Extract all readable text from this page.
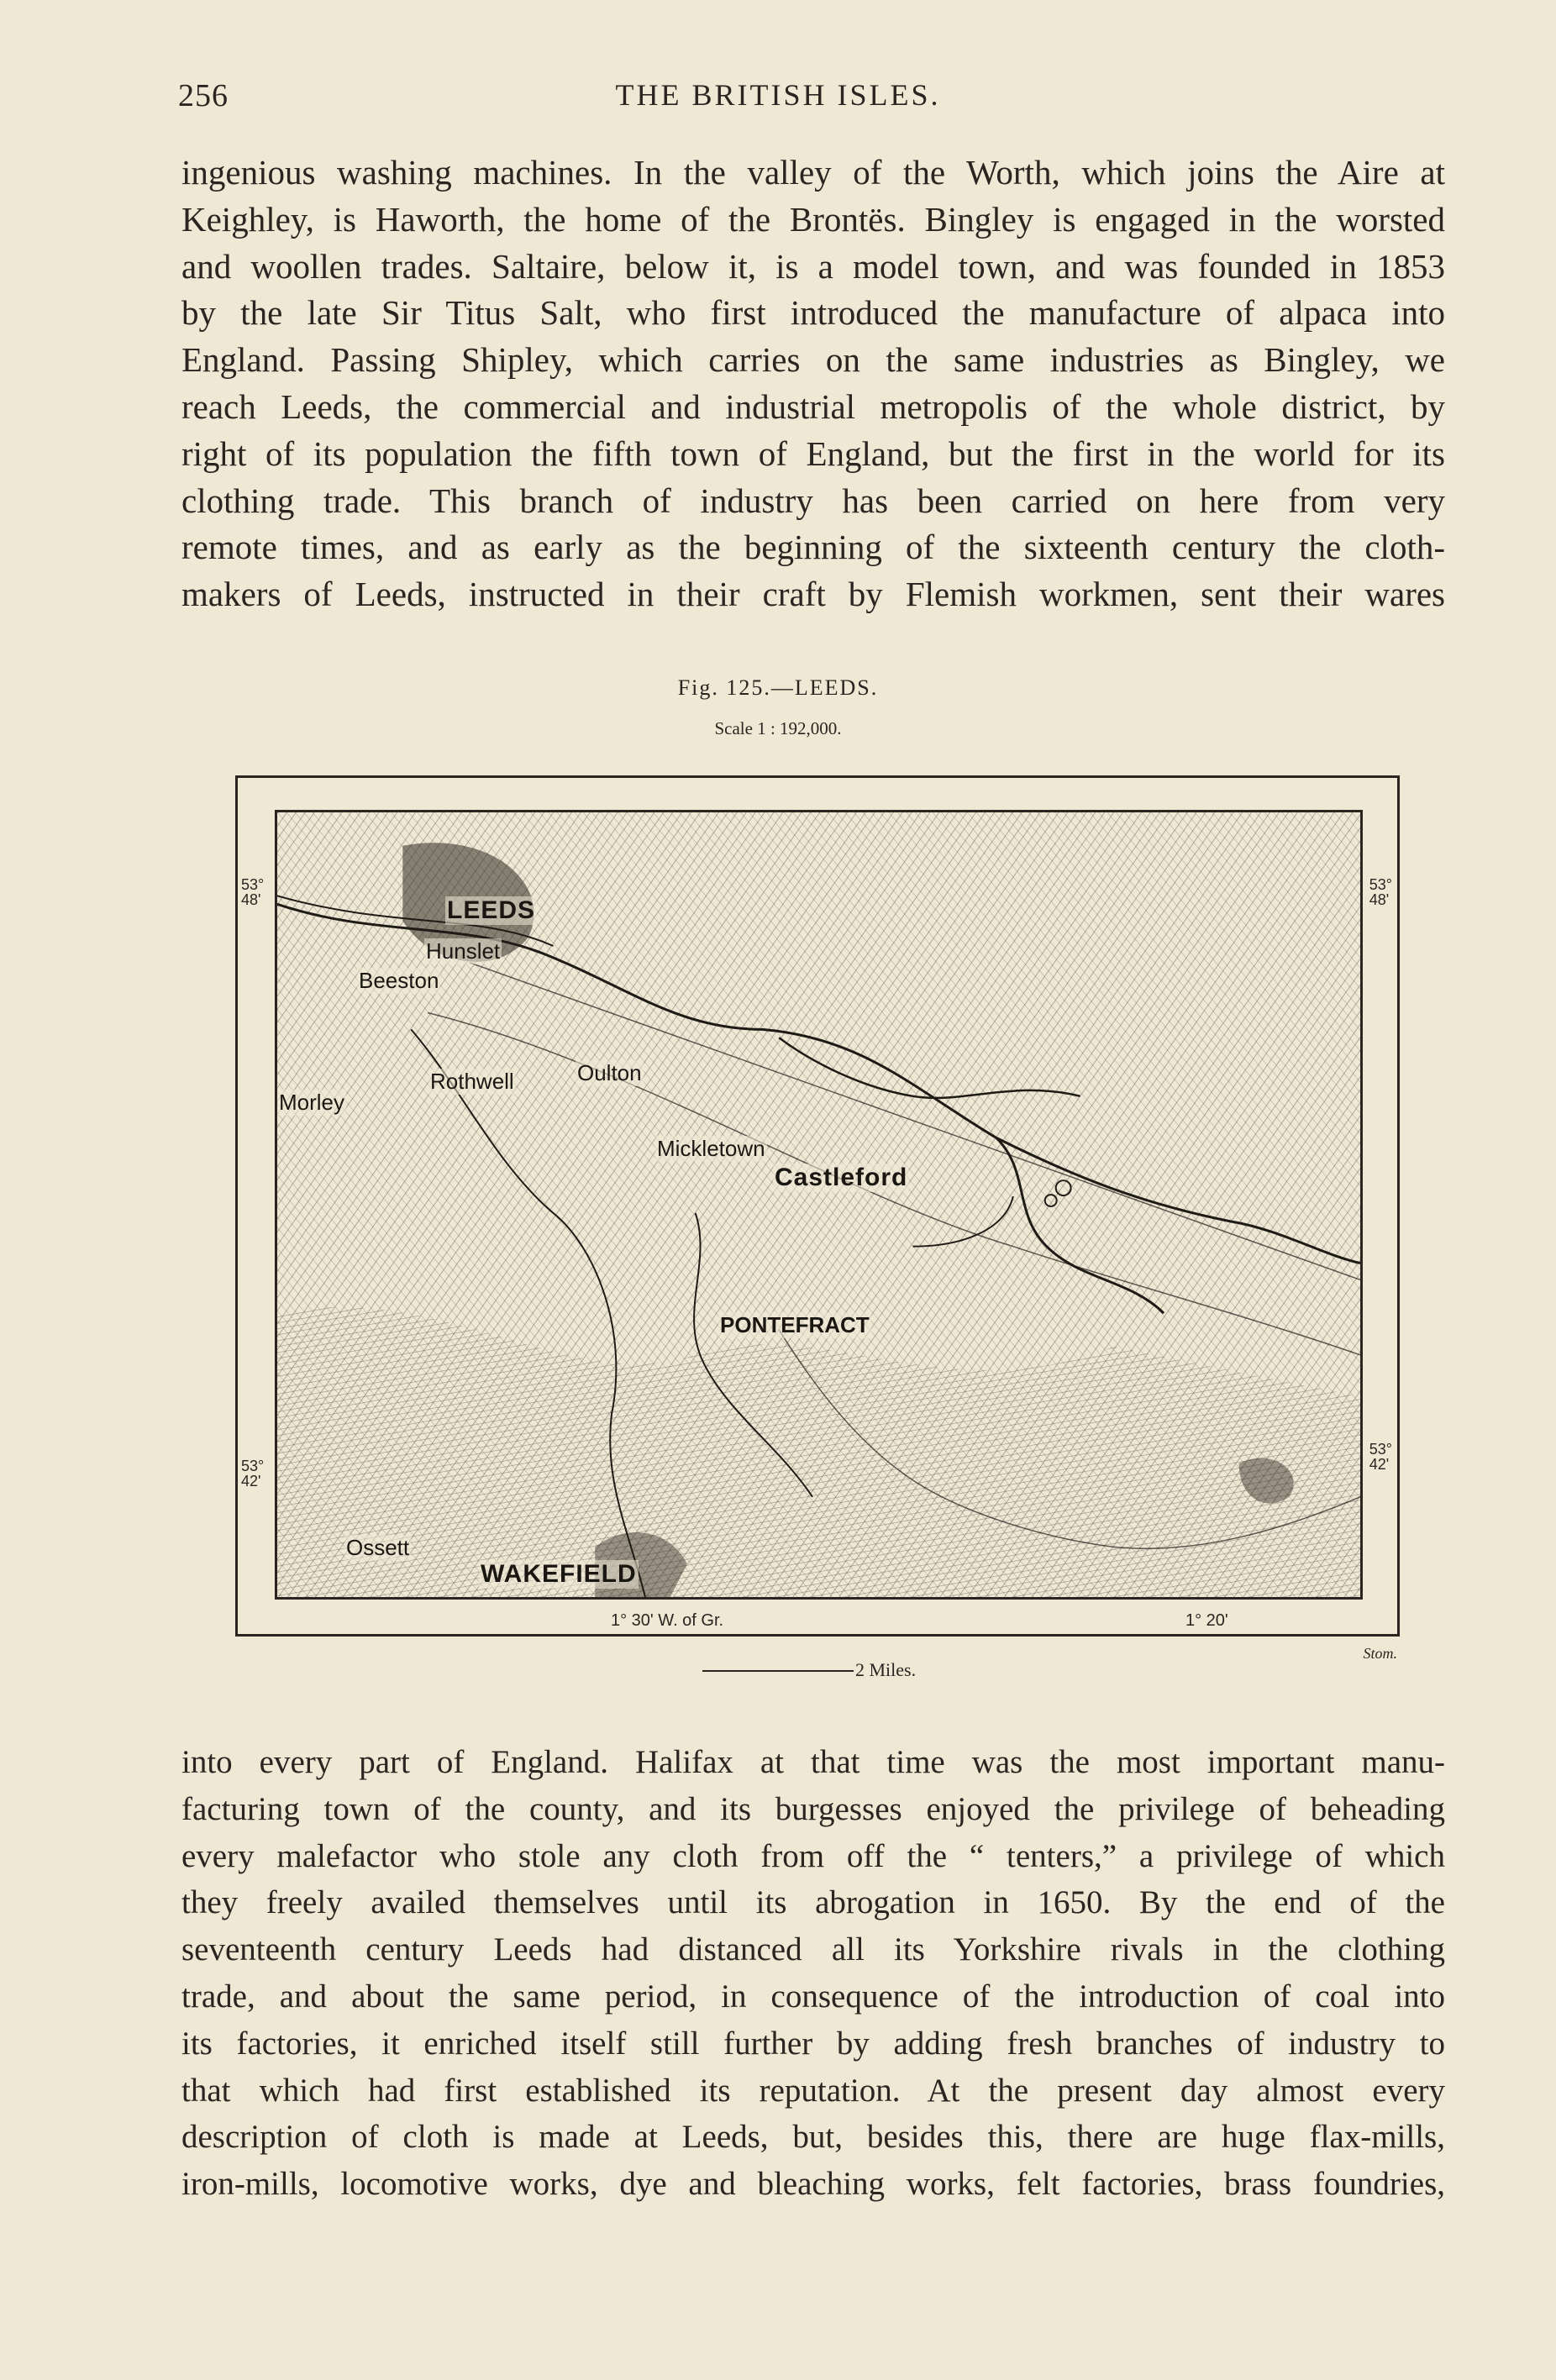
256	THE BRITISH ISLES.
ingenious washing machines. In the valley of the Worth, which joins the Aire at
Keighley, is Haworth, the home of the Brontës. Bingley is engaged in the worsted
and woollen trades. Saltaire, below it, is a model town, and was founded in 1853
by the late Sir Titus Salt, who first introduced the manufacture of alpaca into
England. Passing Shipley, which carries on the same industries as Bingley, we
reach Leeds, the commercial and industrial metropolis of the whole district, by
right of its population the fifth town of England, but the first in the world for its
clothing trade. This branch of industry has been carried on here from very
remote times, and as early as the beginning of the sixteenth century the cloth-
makers of Leeds, instructed in their craft by Flemish workmen, sent their wares
Fig. 125.—LEEDS.
Scale 1 : 192,000.
LEEDS
Hunslet
Beeston
Rothwell	Oulton
Morley
Mickletown
Castleford
PONTEFRACT
Ossett
WAKEFIELD
53°
48'
53°
48'
53°
42'
53°
42'
1° 30' W. of Gr.	1° 20'
Stom.
2 Miles.
into every part of England. Halifax at that time was the most important manu-
facturing town of the county, and its burgesses enjoyed the privilege of beheading
every malefactor who stole any cloth from off the “ tenters,” a privilege of which
they freely availed themselves until its abrogation in 1650. By the end of the
seventeenth century Leeds had distanced all its Yorkshire rivals in the clothing
trade, and about the same period, in consequence of the introduction of coal into
its factories, it enriched itself still further by adding fresh branches of industry to
that which had first established its reputation. At the present day almost every
description of cloth is made at Leeds, but, besides this, there are huge flax-mills,
iron-mills, locomotive works, dye and bleaching works, felt factories, brass foundries,
